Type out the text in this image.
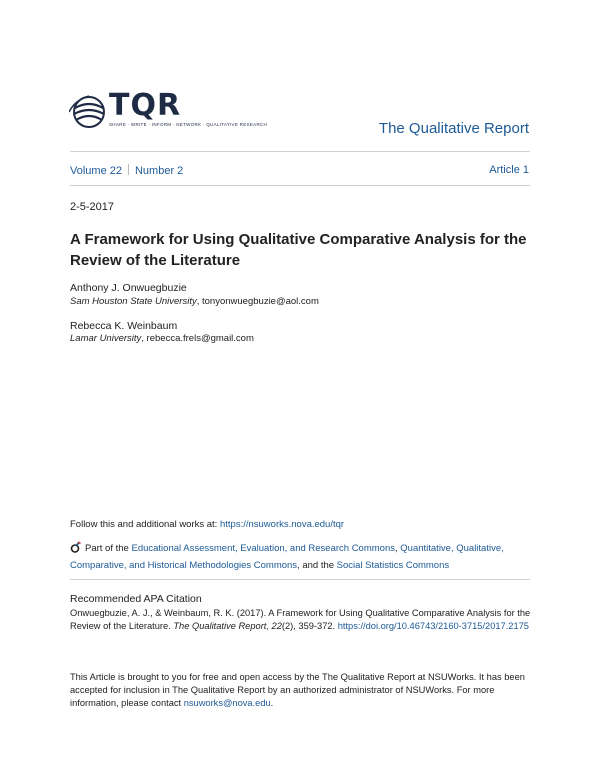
TQR
SHARE · WRITE · INFORM · NETWORK · QUALITATIVE RESEARCH	The Qualitative Report
Volume 22 Number 2	Article 1
2-5-2017
A Framework for Using Qualitative Comparative Analysis for the Review of the Literature
Anthony J. Onwuegbuzie
Sam Houston State University, tonyonwuegbuzie@aol.com
Rebecca K. Weinbaum
Lamar University, rebecca.frels@gmail.com
Follow this and additional works at: https://nsuworks.nova.edu/tqr
Part of the Educational Assessment, Evaluation, and Research Commons, Quantitative, Qualitative, Comparative, and Historical Methodologies Commons, and the Social Statistics Commons
Recommended APA Citation
Onwuegbuzie, A. J., & Weinbaum, R. K. (2017). A Framework for Using Qualitative Comparative Analysis for the Review of the Literature. The Qualitative Report, 22(2), 359-372. https://doi.org/10.46743/2160-3715/2017.2175
This Article is brought to you for free and open access by the The Qualitative Report at NSUWorks. It has been accepted for inclusion in The Qualitative Report by an authorized administrator of NSUWorks. For more information, please contact nsuworks@nova.edu.
